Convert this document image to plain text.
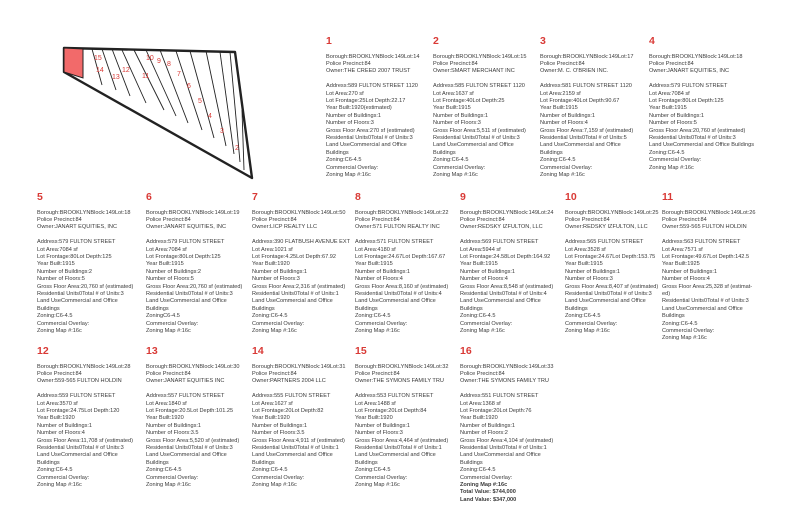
2
3
4
5
6
7
8
9
10
11
12
13
14
15
1
Borough:BROOKLYNBlock:149Lot:14
Police Precinct:84
Owner:THE CREED 2007 TRUST
Address:589 FULTON STREET 1120
Lot Area:270 sf
Lot Frontage:25Lot Depth:22.17
Year Built:1920(estimated)
Number of Buildings:1
Number of Floors:3
Gross Floor Area:270 sf (estimated)
Residential Units0Total # of Units:3
Land UseCommercial and Office
Buildings
Zoning:C6-4.5
Commercial Overlay:
Zoning Map #:16c
2
Borough:BROOKLYNBlock:149Lot:15
Police Precinct:84
Owner:SMART MERCHANT INC
Address:585 FULTON STREET 1120
Lot Area:1637 sf
Lot Frontage:40Lot Depth:25
Year Built:1915
Number of Buildings:1
Number of Floors:3
Gross Floor Area:5,511 sf (estimated)
Residential Units0Total # of Units:3
Land UseCommercial and Office
Buildings
Zoning:C6-4.5
Commercial Overlay:
Zoning Map #:16c
3
Borough:BROOKLYNBlock:149Lot:17
Police Precinct:84
Owner:M. C. O'BRIEN INC.
Address:581 FULTON STREET 1120
Lot Area:2159 sf
Lot Frontage:40Lot Depth:90.67
Year Built:1915
Number of Buildings:1
Number of Floors:4
Gross Floor Area:7,159 sf (estimated)
Residential Units0Total # of Units:5
Land UseCommercial and Office
Buildings
Zoning:C6-4.5
Commercial Overlay:
Zoning Map #:16c
4
Borough:BROOKLYNBlock:149Lot:18
Police Precinct:84
Owner:JANART EQUITIES, INC
Address:579 FULTON STREET
Lot Area:7084 sf
Lot Frontage:80Lot Depth:125
Year Built:1915
Number of Buildings:1
Number of Floors:5
Gross Floor Area:20,760 sf (estimated)
Residential Units0Total # of Units:3
Land UseCommercial and Office Buildings
Zoning:C6-4.5
Commercial Overlay:
Zoning Map #:16c
5
Borough:BROOKLYNBlock:149Lot:18
Police Precinct:84
Owner:JANART EQUITIES, INC
Address:579 FULTON STREET
Lot Area:7084 sf
Lot Frontage:80Lot Depth:125
Year Built:1915
Number of Buildings:2
Number of Floors:5
Gross Floor Area:20,760 sf (estimated)
Residential Units0Total # of Units:3
Land UseCommercial and Office
Buildings
Zoning:C6-4.5
Commercial Overlay:
Zoning Map #:16c
6
Borough:BROOKLYNBlock:149Lot:19
Police Precinct:84
Owner:JANART EQUITIES, INC
Address:579 FULTON STREET
Lot Area:7084 sf
Lot Frontage:80Lot Depth:125
Year Built:1915
Number of Buildings:2
Number of Floors:5
Gross Floor Area:20,760 sf (estimated)
Residential Units0Total # of Units:3
Land UseCommercial and Office
Buildings
ZoningC6-4.5
Commercial Overlay:
Zoning Map #:16c
7
Borough:BROOKLYNBlock:149Lot:50
Police Precinct:84
Owner:LICP REALTY LLC
Address:390 FLATBUSH AVENUE EXT
Lot Area:1021 sf
Lot Frontage:4.25Lot Depth:67.92
Year Built:1920
Number of Buildings:1
Number of Floors:3
Gross Floor Area:2,316 sf (estimated)
Residential Units0Total # of Units:1
Land UseCommercial and Office
Buildings
Zoning:C6-4.5
Commercial Overlay:
Zoning Map #:16c
8
Borough:BROOKLYNBlock:149Lot:22
Police Precinct:84
Owner:571 FULTON REALTY INC
Address:571 FULTON STREET
Lot Area:4180 sf
Lot Frontage:24.67Lot Depth:167.67
Year Built:1915
Number of Buildings:1
Number of Floors:4
Gross Floor Area:8,160 sf (estimated)
Residential Units0Total # of Units:4
Land UseCommercial and Office
Buildings
Zoning:C6-4.5
Commercial Overlay:
Zoning Map #:16c
9
Borough:BROOKLYNBlock:149Lot:24
Police Precinct:84
Owner:REDSKY IZFULTON, LLC
Address:569 FULTON STREET
Lot Area:5944 sf
Lot Frontage:24.58Lot Depth:164.92
Year Built:1915
Number of Buildings:1
Number of Floors:4
Gross Floor Area:8,548 sf (estimated)
Residential Units0Total # of Units:4
Land UseCommercial and Office
Buildings
Zoning:C6-4.5
Commercial Overlay:
Zoning Map #:16c
10
Borough:BROOKLYNBlock:149Lot:25
Police Precinct:84
Owner:REDSKY IZFULTON, LLC
Address:565 FULTON STREET
Lot Area:3528 sf
Lot Frontage:24.67Lot Depth:153.75
Year Built:1915
Number of Buildings:1
Number of Floors:3
Gross Floor Area:8,407 sf (estimated)
Residential Units0Total # of Units:3
Land UseCommercial and Office
Buildings
Zoning:C6-4.5
Commercial Overlay:
Zoning Map #:16c
11
Borough:BROOKLYNBlock:149Lot:26
Police Precinct:84
Owner:559-565 FULTON HOLDIN
Address:563 FULTON STREET
Lot Area:7571 sf
Lot Frontage:49.67Lot Depth:142.5
Year Built:1925
Number of Buildings:1
Number of Floors:4
Gross Floor Area:25,328 sf (estimat-
ed)
Residential Units0Total # of Units:3
Land UseCommercial and Office
Buildings
Zoning:C6-4.5
Commercial Overlay:
Zoning Map #:16c
12
Borough:BROOKLYNBlock:149Lot:28
Police Precinct:84
Owner:559-565 FULTON HOLDIN
Address:559 FULTON STREET
Lot Area:3570 sf
Lot Frontage:24.75Lot Depth:120
Year Built:1920
Number of Buildings:1
Number of Floors:4
Gross Floor Area:11,708 sf (estimated)
Residential Units0Total # of Units:3
Land UseCommercial and Office
Buildings
Zoning:C6-4.5
Commercial Overlay:
Zoning Map #:16c
13
Borough:BROOKLYNBlock:149Lot:30
Police Precinct:84
Owner:JANART EQUITIES INC
Address:557 FULTON STREET
Lot Area:1840 sf
Lot Frontage:20.5Lot Depth:101.25
Year Built:1920
Number of Buildings:1
Number of Floors:3.5
Gross Floor Area:5,520 sf (estimated)
Residential Units0Total # of Units:3
Land UseCommercial and Office
Buildings
Zoning:C6-4.5
Commercial Overlay:
Zoning Map #:16c
14
Borough:BROOKLYNBlock:149Lot:31
Police Precinct:84
Owner:PARTNERS 2004 LLC
Address:555 FULTON STREET
Lot Area:1627 sf
Lot Frontage:20Lot Depth:82
Year Built:1920
Number of Buildings:1
Number of Floors:3.5
Gross Floor Area:4,911 sf (estimated)
Residential Units0Total # of Units:1
Land UseCommercial and Office
Buildings
Zoning:C6-4.5
Commercial Overlay:
Zoning Map #:16c
15
Borough:BROOKLYNBlock:149Lot:32
Police Precinct:84
Owner:THE SYMONS FAMILY TRU
Address:553 FULTON STREET
Lot Area:1488 sf
Lot Frontage:20Lot Depth:84
Year Built:1920
Number of Buildings:1
Number of Floors:3
Gross Floor Area:4,464 sf (estimated)
Residential Units0Total # of Units:1
Land UseCommercial and Office
Buildings
Zoning:C6-4.5
Commercial Overlay:
Zoning Map #:16c
16
Borough:BROOKLYNBlock:149Lot:33
Police Precinct:84
Owner:THE SYMONS FAMILY TRU
Address:551 FULTON STREET
Lot Area:1368 sf
Lot Frontage:20Lot Depth:76
Year Built:1920
Number of Buildings:1
Number of Floors:2
Gross Floor Area:4,104 sf (estimated)
Residential Units0Total # of Units:1
Land UseCommercial and Office
Buildings
Zoning:C6-4.5
Commercial Overlay:
Zoning Map #:16c
Total Value: $744,000
Land Value: $347,000
